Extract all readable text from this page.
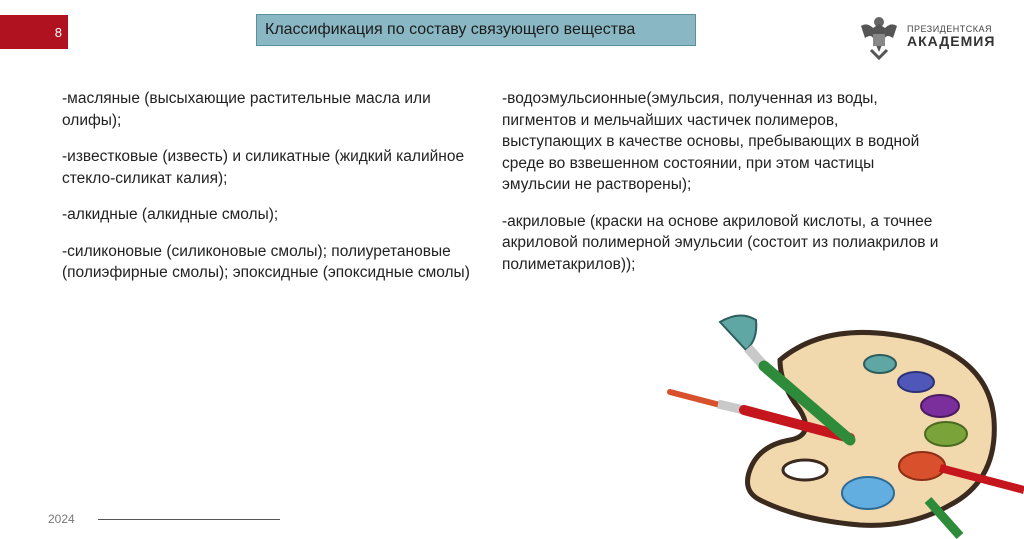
8	Классификация по составу связующего вещества	ПРЕЗИДЕНТСКАЯ
АКАДЕМИЯ

-масляные (высыхающие растительные масла или олифы);

-известковые (известь) и силикатные (жидкий калийное стекло-силикат калия);

-алкидные (алкидные смолы);

-силиконовые (силиконовые смолы); полиуретановые (полиэфирные смолы); эпоксидные (эпоксидные смолы)

-водоэмульсионные(эмульсия, полученная из воды, пигментов и мельчайших частичек полимеров, выступающих в качестве основы, пребывающих в водной среде во взвешенном состоянии, при этом частицы эмульсии не растворены);

-акриловые (краски на основе акриловой кислоты, а точнее акриловой полимерной эмульсии (состоит из полиакрилов и полиметакрилов));

2024
